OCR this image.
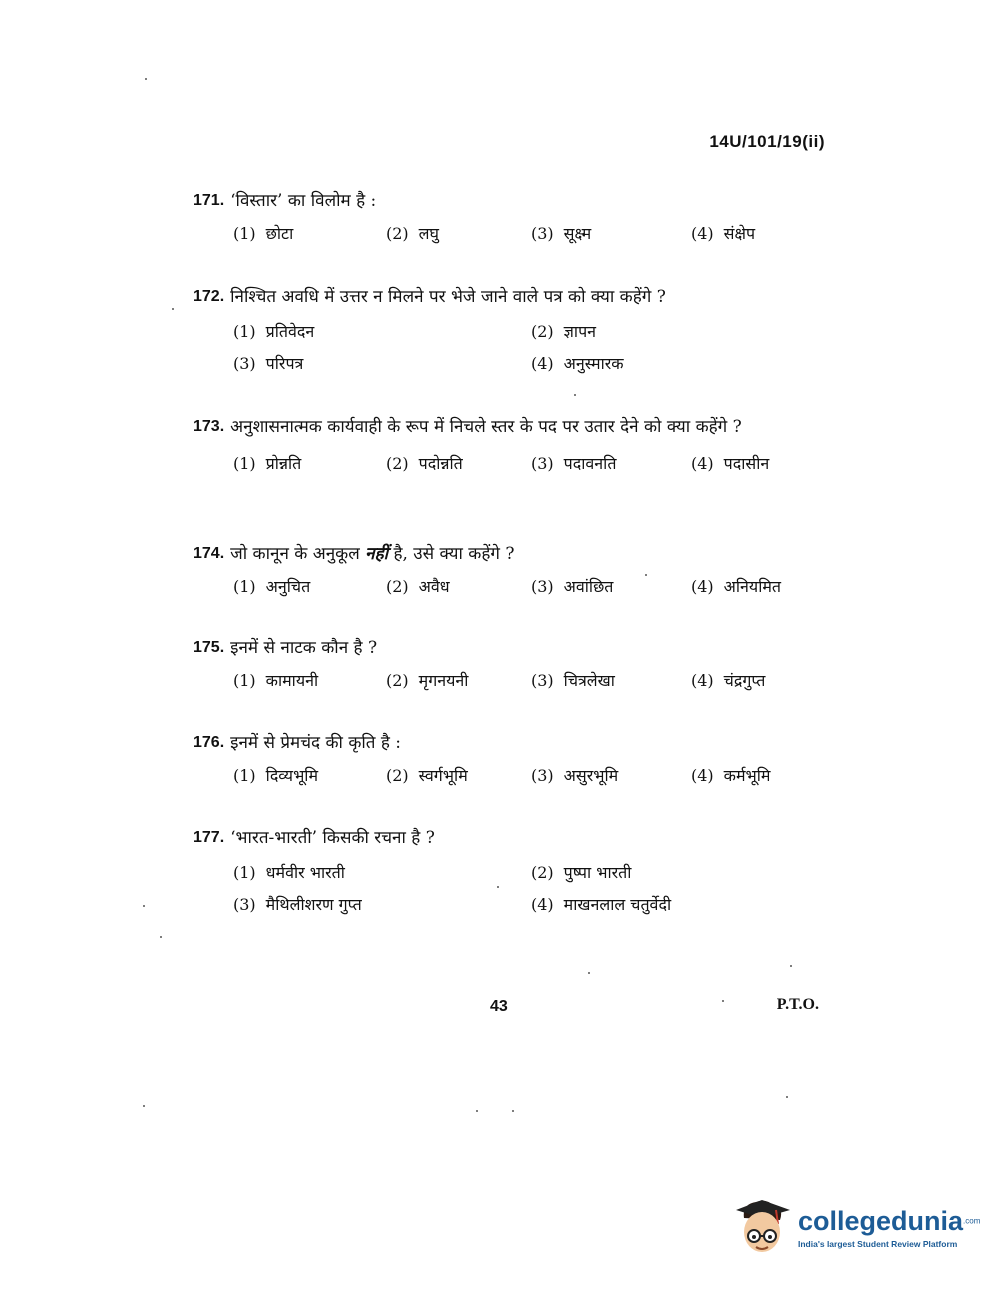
14U/101/19(ii)
171. ‘विस्तार’ का विलोम है :
(1) छोटा	(2) लघु	(3) सूक्ष्म	(4) संक्षेप
172. निश्चित अवधि में उत्तर न मिलने पर भेजे जाने वाले पत्र को क्या कहेंगे ?
(1) प्रतिवेदन	(2) ज्ञापन
(3) परिपत्र	(4) अनुस्मारक
173. अनुशासनात्मक कार्यवाही के रूप में निचले स्तर के पद पर उतार देने को क्या कहेंगे ?
(1) प्रोन्नति	(2) पदोन्नति	(3) पदावनति	(4) पदासीन
174. जो कानून के अनुकूल नहीं है, उसे क्या कहेंगे ?
(1) अनुचित	(2) अवैध	(3) अवांछित	(4) अनियमित
175. इनमें से नाटक कौन है ?
(1) कामायनी	(2) मृगनयनी	(3) चित्रलेखा	(4) चंद्रगुप्त
176. इनमें से प्रेमचंद की कृति है :
(1) दिव्यभूमि	(2) स्वर्गभूमि	(3) असुरभूमि	(4) कर्मभूमि
177. ‘भारत-भारती’ किसकी रचना है ?
(1) धर्मवीर भारती	(2) पुष्पा भारती
(3) मैथिलीशरण गुप्त	(4) माखनलाल चतुर्वेदी
43	P.T.O.
collegedunia$^{.com}$
India's largest Student Review Platform
